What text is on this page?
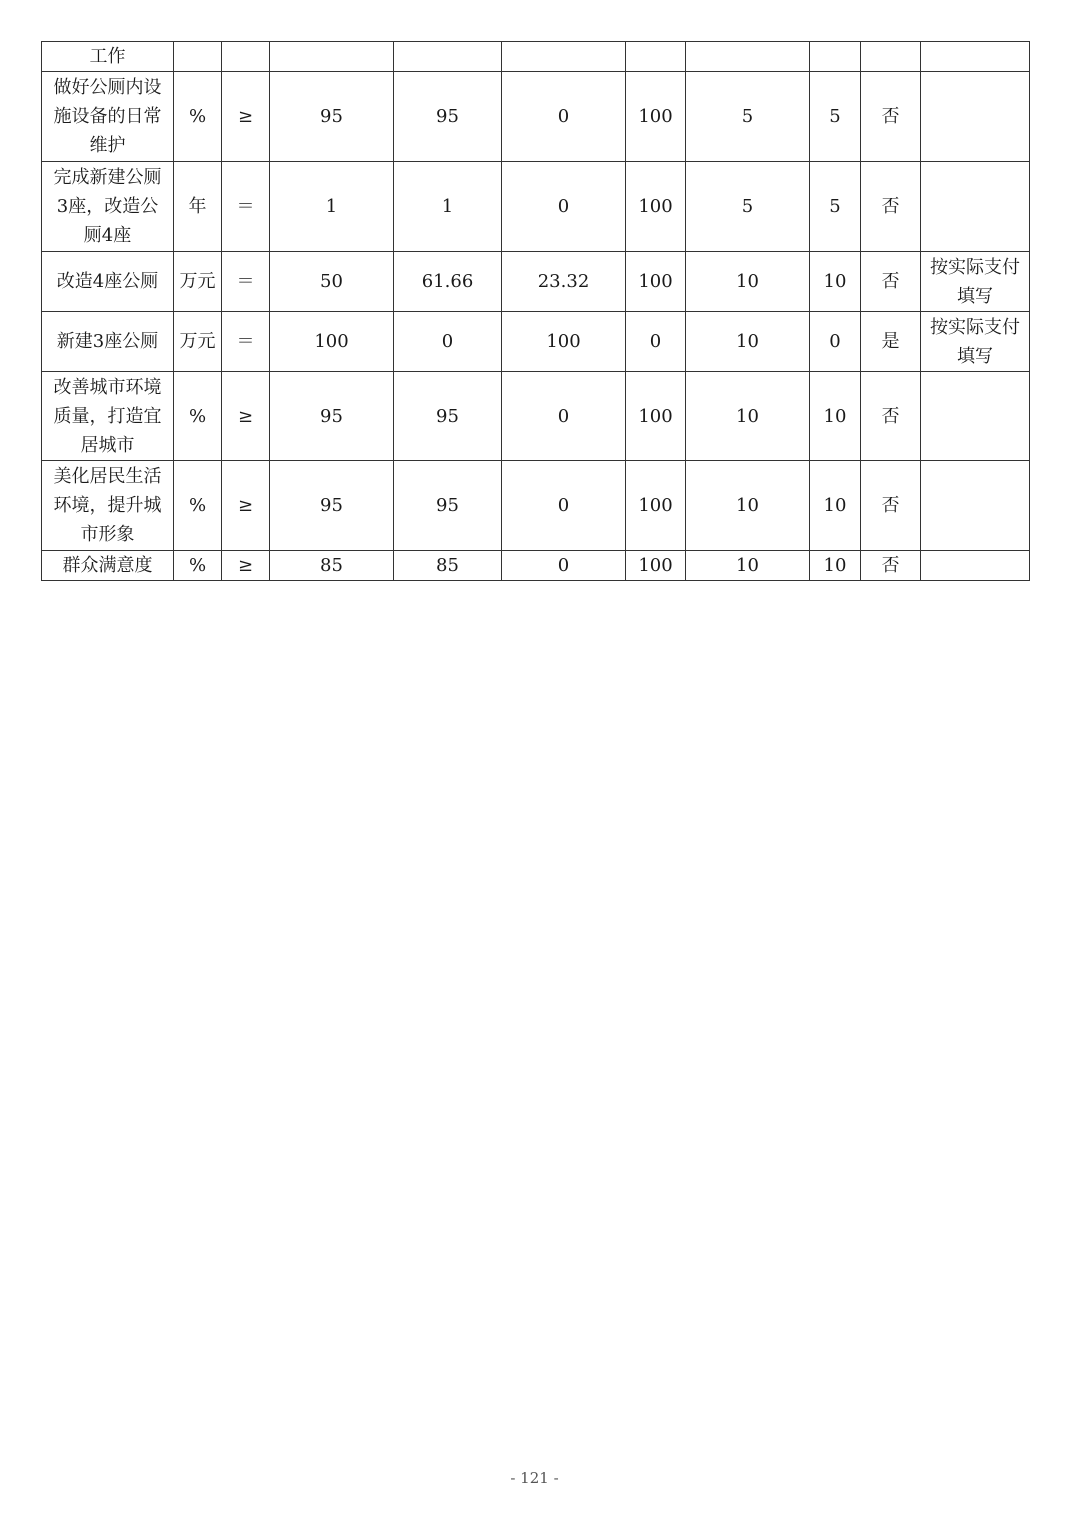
工作										
做好公厕内设施设备的日常维护	%	≥	95	95	0	100	5	5	否	
完成新建公厕3座，改造公厕4座	年	＝	1	1	0	100	5	5	否	
改造4座公厕	万元	＝	50	61.66	23.32	100	10	10	否	按实际支付填写
新建3座公厕	万元	＝	100	0	100	0	10	0	是	按实际支付填写
改善城市环境质量，打造宜居城市	%	≥	95	95	0	100	10	10	否	
美化居民生活环境，提升城市形象	%	≥	95	95	0	100	10	10	否	
群众满意度	%	≥	85	85	0	100	10	10	否	
- 121 -
